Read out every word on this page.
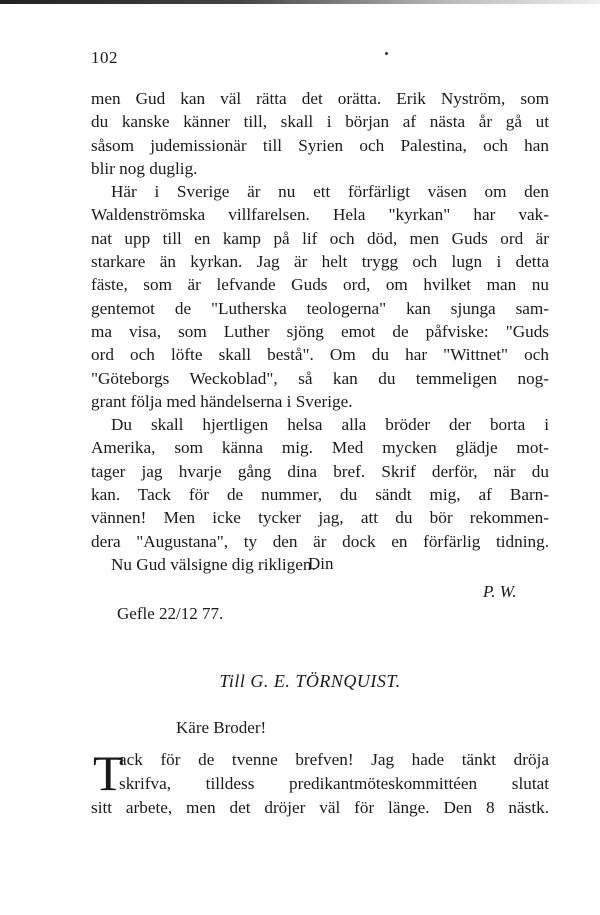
102
men Gud kan väl rätta det orätta. Erik Nyström, som
du kanske känner till, skall i början af nästa år gå ut
såsom judemissionär till Syrien och Palestina, och han
blir nog duglig.
Här i Sverige är nu ett förfärligt väsen om den
Waldenströmska villfarelsen. Hela "kyrkan" har vak-
nat upp till en kamp på lif och död, men Guds ord är
starkare än kyrkan. Jag är helt trygg och lugn i detta
fäste, som är lefvande Guds ord, om hvilket man nu
gentemot de "Lutherska teologerna" kan sjunga sam-
ma visa, som Luther sjöng emot de påfviske: "Guds
ord och löfte skall bestå". Om du har "Wittnet" och
"Göteborgs Weckoblad", så kan du temmeligen nog-
grant följa med händelserna i Sverige.
Du skall hjertligen helsa alla bröder der borta i
Amerika, som känna mig. Med mycken glädje mot-
tager jag hvarje gång dina bref. Skrif derför, när du
kan. Tack för de nummer, du sändt mig, af Barn-
vännen! Men icke tycker jag, att du bör rekommen-
dera "Augustana", ty den är dock en förfärlig tidning.
Nu Gud välsigne dig rikligen.
Din
P. W.
Gefle 22/12 77.
Till G. E. TÖRNQUIST.
Käre Broder!
T
ack för de tvenne brefven! Jag hade tänkt dröja
skrifva, tilldess predikantmöteskommittéen slutat
sitt arbete, men det dröjer väl för länge. Den 8 nästk.
